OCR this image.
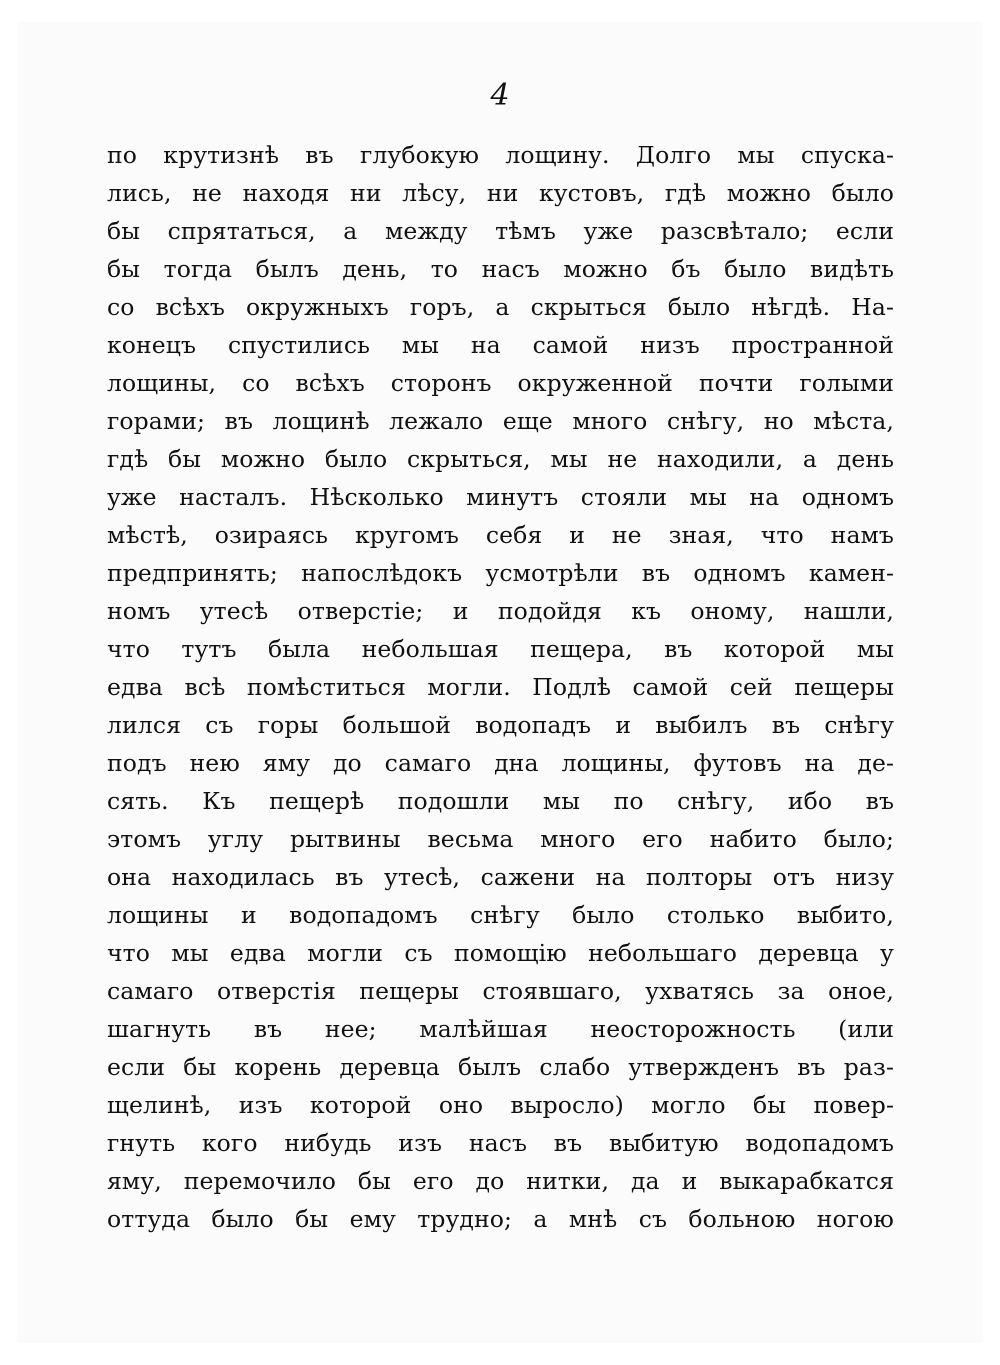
4
по крутизнѣ въ глубокую лощину. Долго мы спуска-
лись, не находя ни лѣсу, ни кустовъ, гдѣ можно было
бы спрятаться, а между тѣмъ уже разсвѣтало; если
бы тогда былъ день, то насъ можно бъ было видѣть
со всѣхъ окружныхъ горъ, а скрыться было нѣгдѣ. На-
конецъ спустились мы на самой низъ пространной
лощины, со всѣхъ сторонъ окруженной почти голыми
горами; въ лощинѣ лежало еще много снѣгу, но мѣста,
гдѣ бы можно было скрыться, мы не находили, а день
уже насталъ. Нѣсколько минутъ стояли мы на одномъ
мѣстѣ, озираясь кругомъ себя и не зная, что намъ
предпринять; напослѣдокъ усмотрѣли въ одномъ камен-
номъ утесѣ отверстіе; и подойдя къ оному, нашли,
что тутъ была небольшая пещера, въ которой мы
едва всѣ помѣститься могли. Подлѣ самой сей пещеры
лился съ горы большой водопадъ и выбилъ въ снѣгу
подъ нею яму до самаго дна лощины, футовъ на де-
сять. Къ пещерѣ подошли мы по снѣгу, ибо въ
этомъ углу рытвины весьма много его набито было;
она находилась въ утесѣ, сажени на полторы отъ низу
лощины и водопадомъ снѣгу было столько выбито,
что мы едва могли съ помощію небольшаго деревца у
самаго отверстія пещеры стоявшаго, ухватясь за оное,
шагнуть въ нее; малѣйшая неосторожность (или
если бы корень деревца былъ слабо утвержденъ въ раз-
щелинѣ, изъ которой оно выросло) могло бы повер-
гнуть кого нибудь изъ насъ въ выбитую водопадомъ
яму, перемочило бы его до нитки, да и выкарабкатся
оттуда было бы ему трудно; а мнѣ съ больною ногою
